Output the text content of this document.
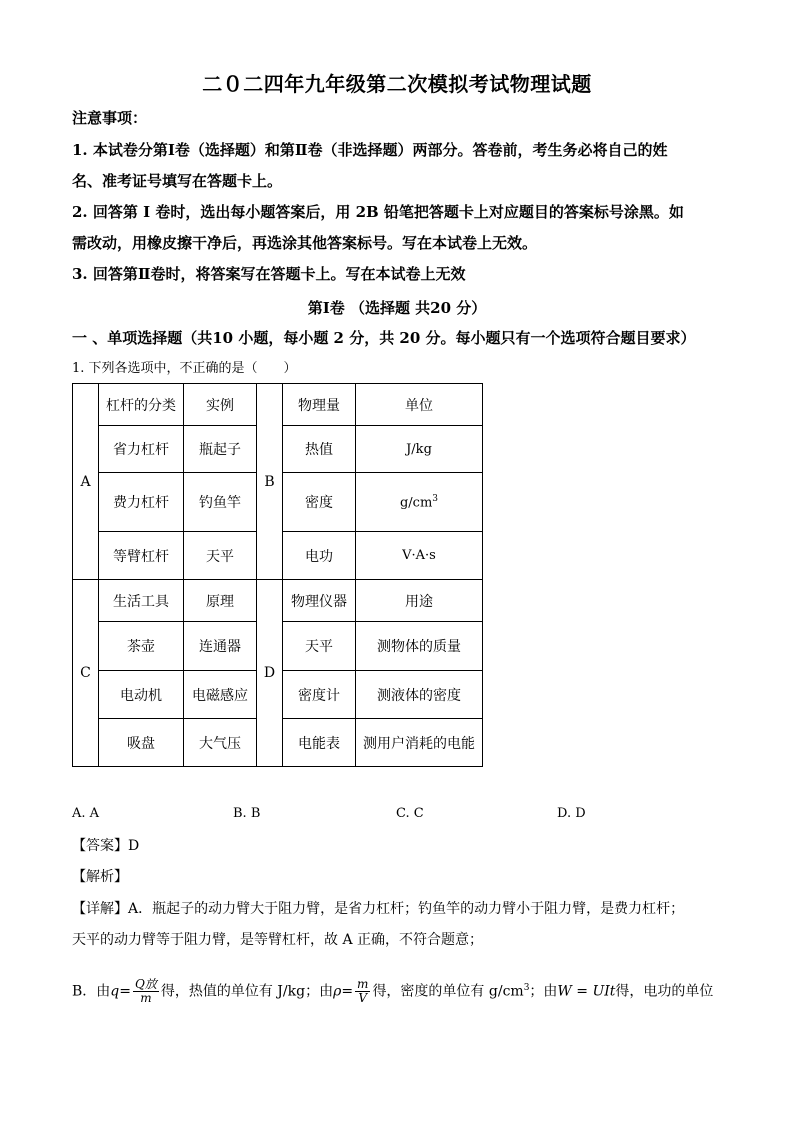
二０二四年九年级第二次模拟考试物理试题
注意事项：
1. 本试卷分第Ⅰ卷（选择题）和第Ⅱ卷（非选择题）两部分。答卷前，考生务必将自己的姓
名、准考证号填写在答题卡上。
2. 回答第 Ⅰ 卷时，选出每小题答案后，用 2B 铅笔把答题卡上对应题目的答案标号涂黑。如
需改动，用橡皮擦干净后，再选涂其他答案标号。写在本试卷上无效。
3. 回答第Ⅱ卷时，将答案写在答题卡上。写在本试卷上无效
第Ⅰ卷 （选择题 共20 分）
一 、单项选择题（共10 小题，每小题 2 分，共 20 分。每小题只有一个选项符合题目要求）
1. 下列各选项中，不正确的是（　　）
A	杠杆的分类	实例	B	物理量	单位
	省力杠杆	瓶起子		热值	J/kg
	费力杠杆	钓鱼竿		密度	$g/cm^3$
	等臂杠杆	天平		电功	V·A·s
C	生活工具	原理	D	物理仪器	用途
	茶壶	连通器		天平	测物体的质量
	电动机	电磁感应		密度计	测液体的密度
	吸盘	大气压		电能表	测用户消耗的电能
A. A	B. B	C. C	D. D
【答案】D
【解析】
【详解】A．瓶起子的动力臂大于阻力臂，是省力杠杆；钓鱼竿的动力臂小于阻力臂，是费力杠杆；
天平的动力臂等于阻力臂，是等臂杠杆，故 A 正确，不符合题意；
B．由$q= \frac{\text{Q放}}{m}$ 得，热值的单位有 J/kg；由$\rho= \frac{m}{V}$ 得，密度的单位有 $g/cm^3$；由W = UIt得，电功的单位
